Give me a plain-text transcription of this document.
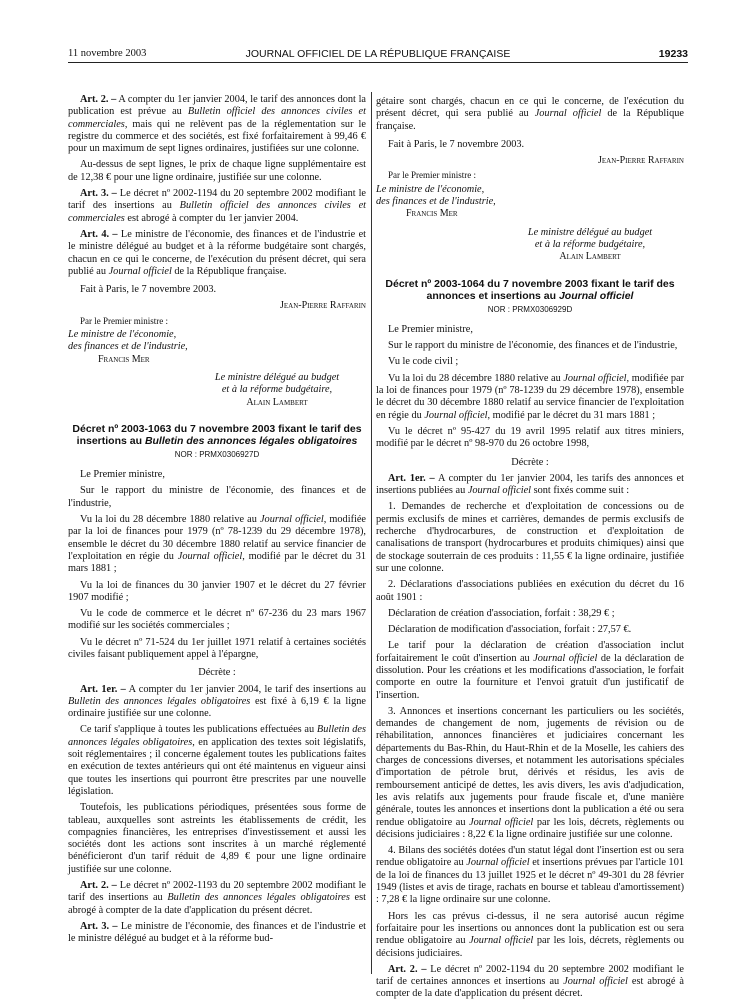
11 novembre 2003	JOURNAL OFFICIEL DE LA RÉPUBLIQUE FRANÇAISE	19233

Art. 2. – A compter du 1er janvier 2004, le tarif des annonces dont la publication est prévue au Bulletin officiel des annonces civiles et commerciales, mais qui ne relèvent pas de la réglementation sur le registre du commerce et des sociétés, est fixé forfaitairement à 99,46 € pour un maximum de sept lignes ordinaires, justifiées sur une colonne.

Au-dessus de sept lignes, le prix de chaque ligne supplémentaire est de 12,38 € pour une ligne ordinaire, justifiée sur une colonne.

Art. 3. – Le décret nº 2002-1194 du 20 septembre 2002 modifiant le tarif des insertions au Bulletin officiel des annonces civiles et commerciales est abrogé à compter du 1er janvier 2004.

Art. 4. – Le ministre de l'économie, des finances et de l'industrie et le ministre délégué au budget et à la réforme budgétaire sont chargés, chacun en ce qui le concerne, de l'exécution du présent décret, qui sera publié au Journal officiel de la République française.

Fait à Paris, le 7 novembre 2003.

Jean-Pierre Raffarin

Par le Premier ministre :

Le ministre de l'économie,

des finances et de l'industrie,

Francis Mer

Le ministre délégué au budget

et à la réforme budgétaire,

Alain Lambert

Décret nº 2003-1063 du 7 novembre 2003 fixant le tarif des insertions au Bulletin des annonces légales obligatoires
NOR : PRMX0306927D

Le Premier ministre,

Sur le rapport du ministre de l'économie, des finances et de l'industrie,

Vu la loi du 28 décembre 1880 relative au Journal officiel, modifiée par la loi de finances pour 1979 (nº 78-1239 du 29 décembre 1978), ensemble le décret du 30 décembre 1880 relatif au service financier de l'exploitation en régie du Journal officiel, modifié par le décret du 31 mars 1881 ;

Vu la loi de finances du 30 janvier 1907 et le décret du 27 février 1907 modifié ;

Vu le code de commerce et le décret nº 67-236 du 23 mars 1967 modifié sur les sociétés commerciales ;

Vu le décret nº 71-524 du 1er juillet 1971 relatif à certaines sociétés civiles faisant publiquement appel à l'épargne,

Décrète :

Art. 1er. – A compter du 1er janvier 2004, le tarif des insertions au Bulletin des annonces légales obligatoires est fixé à 6,19 € la ligne ordinaire justifiée sur une colonne.

Ce tarif s'applique à toutes les publications effectuées au Bulletin des annonces légales obligatoires, en application des textes soit législatifs, soit réglementaires ; il concerne également toutes les publications faites en exécution de textes antérieurs qui ont été maintenus en vigueur ainsi que toutes les insertions qui pourront être prescrites par une nouvelle législation.

Toutefois, les publications périodiques, présentées sous forme de tableau, auxquelles sont astreints les établissements de crédit, les compagnies financières, les entreprises d'investissement et aussi les sociétés dont les actions sont inscrites à un marché réglementé bénéficieront d'un tarif réduit de 4,89 € pour une ligne ordinaire justifiée sur une colonne.

Art. 2. – Le décret nº 2002-1193 du 20 septembre 2002 modifiant le tarif des insertions au Bulletin des annonces légales obligatoires est abrogé à compter de la date d'application du présent décret.

Art. 3. – Le ministre de l'économie, des finances et de l'industrie et le ministre délégué au budget et à la réforme bud-

gétaire sont chargés, chacun en ce qui le concerne, de l'exécution du présent décret, qui sera publié au Journal officiel de la République française.

Fait à Paris, le 7 novembre 2003.

Jean-Pierre Raffarin

Par le Premier ministre :

Le ministre de l'économie,

des finances et de l'industrie,

Francis Mer

Le ministre délégué au budget

et à la réforme budgétaire,

Alain Lambert

Décret nº 2003-1064 du 7 novembre 2003 fixant le tarif des annonces et insertions au Journal officiel
NOR : PRMX0306929D

Le Premier ministre,

Sur le rapport du ministre de l'économie, des finances et de l'industrie,

Vu le code civil ;

Vu la loi du 28 décembre 1880 relative au Journal officiel, modifiée par la loi de finances pour 1979 (nº 78-1239 du 29 décembre 1978), ensemble le décret du 30 décembre 1880 relatif au service financier de l'exploitation en régie du Journal officiel, modifié par le décret du 31 mars 1881 ;

Vu le décret nº 95-427 du 19 avril 1995 relatif aux titres miniers, modifié par le décret nº 98-970 du 26 octobre 1998,

Décrète :

Art. 1er. – A compter du 1er janvier 2004, les tarifs des annonces et insertions publiées au Journal officiel sont fixés comme suit :

1. Demandes de recherche et d'exploitation de concessions ou de permis exclusifs de mines et carrières, demandes de permis exclusifs de recherche d'hydrocarbures, de construction et d'exploitation de canalisations de transport (hydrocarbures et produits chimiques) ainsi que de stockage souterrain de ces produits : 11,55 € la ligne ordinaire, justifiée sur une colonne.

2. Déclarations d'associations publiées en exécution du décret du 16 août 1901 :

Déclaration de création d'association, forfait : 38,29 € ;

Déclaration de modification d'association, forfait : 27,57 €.

Le tarif pour la déclaration de création d'association inclut forfaitairement le coût d'insertion au Journal officiel de la déclaration de dissolution. Pour les créations et les modifications d'association, le forfait comporte en outre la fourniture et l'envoi gratuit d'un justificatif de l'insertion.

3. Annonces et insertions concernant les particuliers ou les sociétés, demandes de changement de nom, jugements de révision ou de réhabilitation, annonces financières et judiciaires concernant les départements du Bas-Rhin, du Haut-Rhin et de la Moselle, les cahiers des charges de concessions diverses, et notamment les autorisations spéciales d'importation de pétrole brut, dérivés et résidus, les avis de remboursement anticipé de dettes, les avis divers, les avis d'adjudication, les avis relatifs aux jugements pour fraude fiscale et, d'une manière générale, toutes les annonces et insertions dont la publication a été ou sera rendue obligatoire au Journal officiel par les lois, décrets, règlements ou décisions judiciaires : 8,22 € la ligne ordinaire justifiée sur une colonne.

4. Bilans des sociétés dotées d'un statut légal dont l'insertion est ou sera rendue obligatoire au Journal officiel et insertions prévues par l'article 101 de la loi de finances du 13 juillet 1925 et le décret nº 49-301 du 28 février 1949 (listes et avis de tirage, rachats en bourse et tableau d'amortissement) : 7,28 € la ligne ordinaire sur une colonne.

Hors les cas prévus ci-dessus, il ne sera autorisé aucun régime forfaitaire pour les insertions ou annonces dont la publication est ou sera rendue obligatoire au Journal officiel par les lois, décrets, règlements ou décisions judiciaires.

Art. 2. – Le décret nº 2002-1194 du 20 septembre 2002 modifiant le tarif de certaines annonces et insertions au Journal officiel est abrogé à compter de la date d'application du présent décret.
